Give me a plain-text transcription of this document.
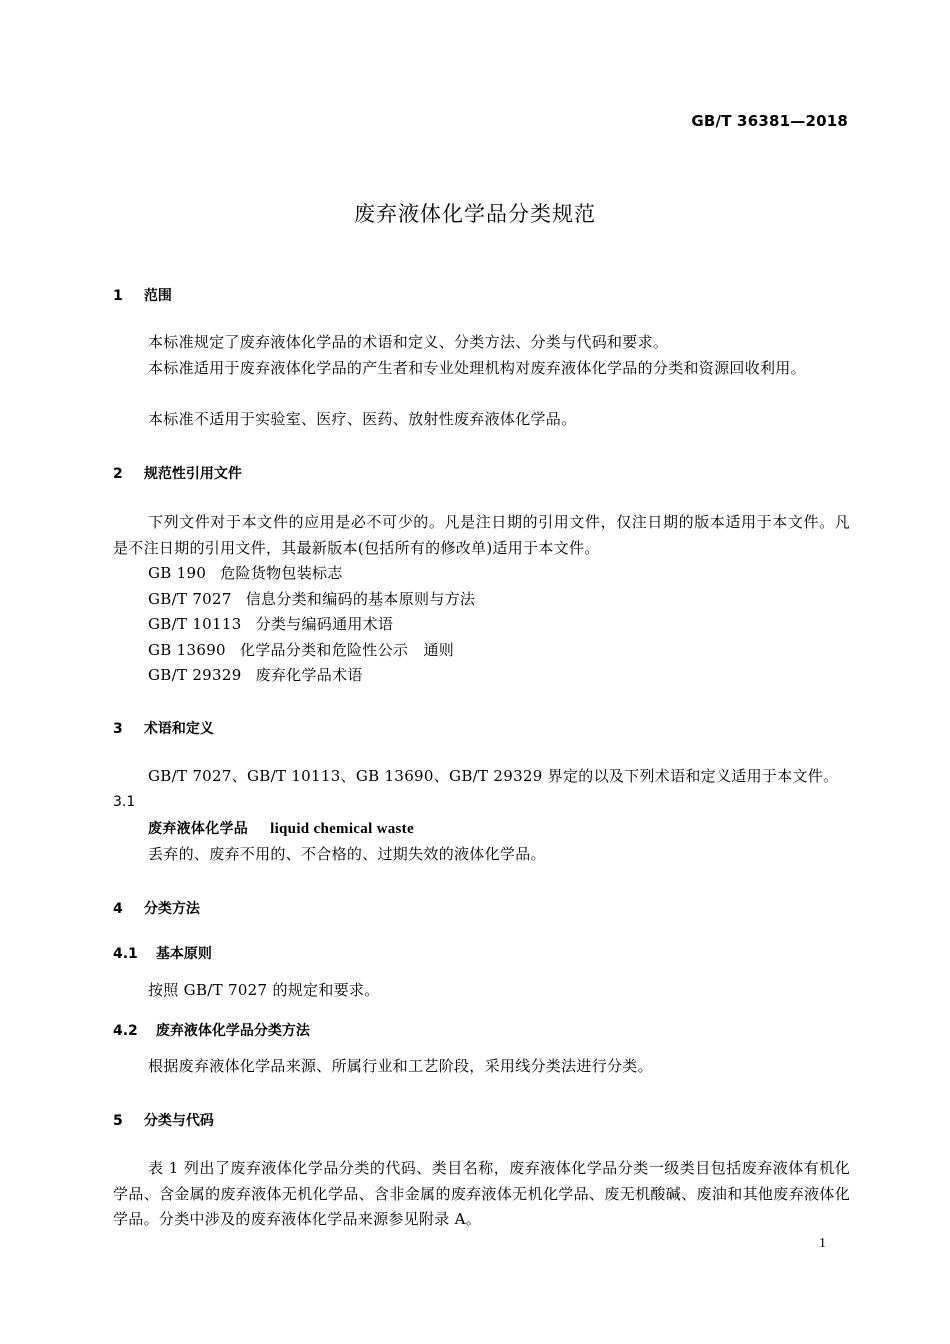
GB/T 36381—2018
废弃液体化学品分类规范
1 范围
本标准规定了废弃液体化学品的术语和定义、分类方法、分类与代码和要求。
本标准适用于废弃液体化学品的产生者和专业处理机构对废弃液体化学品的分类和资源回收利用。
本标准不适用于实验室、医疗、医药、放射性废弃液体化学品。
2 规范性引用文件
下列文件对于本文件的应用是必不可少的。凡是注日期的引用文件，仅注日期的版本适用于本文件。凡是不注日期的引用文件，其最新版本(包括所有的修改单)适用于本文件。
GB 190 危险货物包装标志
GB/T 7027 信息分类和编码的基本原则与方法
GB/T 10113 分类与编码通用术语
GB 13690 化学品分类和危险性公示　通则
GB/T 29329 废弃化学品术语
3 术语和定义
GB/T 7027、GB/T 10113、GB 13690、GB/T 29329 界定的以及下列术语和定义适用于本文件。
3.1
废弃液体化学品 liquid chemical waste
丢弃的、废弃不用的、不合格的、过期失效的液体化学品。
4 分类方法
4.1 基本原则
按照 GB/T 7027 的规定和要求。
4.2 废弃液体化学品分类方法
根据废弃液体化学品来源、所属行业和工艺阶段，采用线分类法进行分类。
5 分类与代码
表 1 列出了废弃液体化学品分类的代码、类目名称，废弃液体化学品分类一级类目包括废弃液体有机化学品、含金属的废弃液体无机化学品、含非金属的废弃液体无机化学品、废无机酸碱、废油和其他废弃液体化学品。分类中涉及的废弃液体化学品来源参见附录 A。
1
